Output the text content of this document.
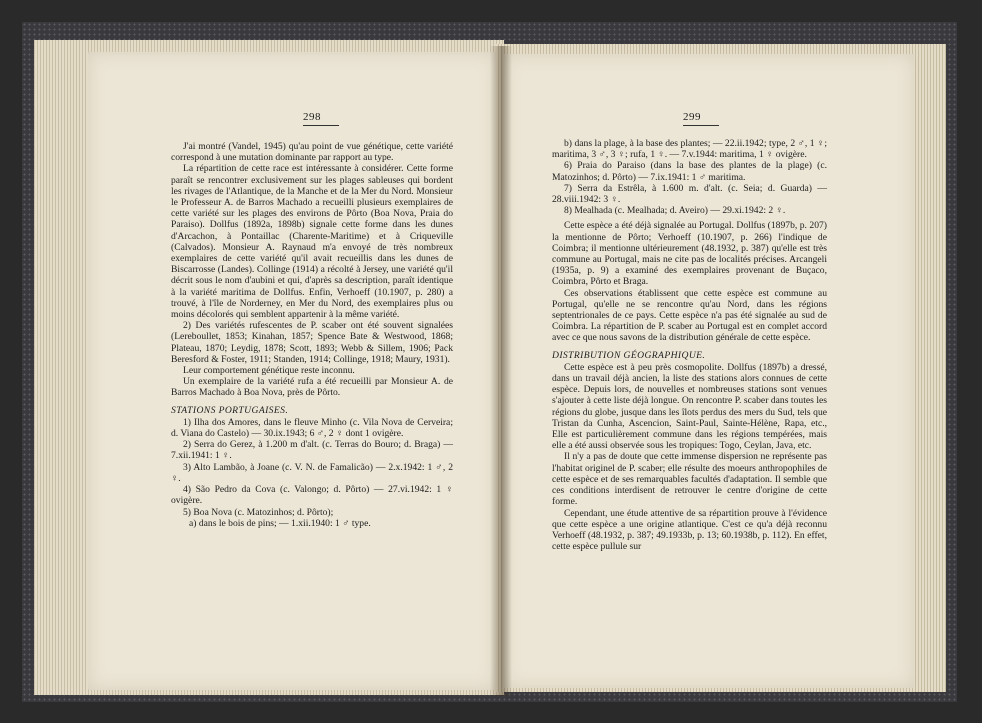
298	299

J'ai montré (Vandel, 1945) qu'au point de vue génétique, cette variété correspond à une mutation dominante par rapport au type.

La répartition de cette race est intéressante à considérer. Cette forme paraît se rencontrer exclusivement sur les plages sableuses qui bordent les rivages de l'Atlantique, de la Manche et de la Mer du Nord. Monsieur le Professeur A. de Barros Machado a recueilli plusieurs exemplaires de cette variété sur les plages des environs de Pôrto (Boa Nova, Praia do Paraiso). Dollfus (1892a, 1898b) signale cette forme dans les dunes d'Arcachon, à Pontaillac (Charente-Maritime) et à Criqueville (Calvados). Monsieur A. Raynaud m'a envoyé de très nombreux exemplaires de cette variété qu'il avait recueillis dans les dunes de Biscarrosse (Landes). Collinge (1914) a récolté à Jersey, une variété qu'il décrit sous le nom d'aubini et qui, d'après sa description, paraît identique à la variété maritima de Dollfus. Enfin, Verhoeff (10.1907, p. 280) a trouvé, à l'île de Norderney, en Mer du Nord, des exemplaires plus ou moins décolorés qui semblent appartenir à la même variété.

2) Des variétés rufescentes de P. scaber ont été souvent signalées (Lereboullet, 1853; Kinahan, 1857; Spence Bate & Westwood, 1868; Plateau, 1870; Leydig, 1878; Scott, 1893; Webb & Sillem, 1906; Pack Beresford & Foster, 1911; Standen, 1914; Collinge, 1918; Maury, 1931).

Leur comportement génétique reste inconnu.

Un exemplaire de la variété rufa a été recueilli par Monsieur A. de Barros Machado à Boa Nova, près de Pôrto.

STATIONS PORTUGAISES.

1) Ilha dos Amores, dans le fleuve Minho (c. Vila Nova de Cerveira; d. Viana do Castelo) — 30.ix.1943; 6 ♂, 2 ♀ dont 1 ovigère.

2) Serra do Gerez, à 1.200 m d'alt. (c. Terras do Bouro; d. Braga) — 7.xii.1941: 1 ♀.

3) Alto Lambão, à Joane (c. V. N. de Famalicão) — 2.x.1942: 1 ♂, 2 ♀.

4) São Pedro da Cova (c. Valongo; d. Pôrto) — 27.vi.1942: 1 ♀ ovigère.

5) Boa Nova (c. Matozinhos; d. Pôrto);

a) dans le bois de pins; — 1.xii.1940: 1 ♂ type.

b) dans la plage, à la base des plantes; — 22.ii.1942; type, 2 ♂, 1 ♀; maritima, 3 ♂, 3 ♀; rufa, 1 ♀. — 7.v.1944: maritima, 1 ♀ ovigère.

6) Praia do Paraiso (dans la base des plantes de la plage) (c. Matozinhos; d. Pôrto) — 7.ix.1941: 1 ♂ maritima.

7) Serra da Estrêla, à 1.600 m. d'alt. (c. Seia; d. Guarda) — 28.viii.1942: 3 ♀.

8) Mealhada (c. Mealhada; d. Aveiro) — 29.xi.1942: 2 ♀.

Cette espèce a été déjà signalée au Portugal. Dollfus (1897b, p. 207) la mentionne de Pôrto; Verhoeff (10.1907, p. 266) l'indique de Coimbra; il mentionne ultérieurement (48.1932, p. 387) qu'elle est très commune au Portugal, mais ne cite pas de localités précises. Arcangeli (1935a, p. 9) a examiné des exemplaires provenant de Buçaco, Coimbra, Pôrto et Braga.

Ces observations établissent que cette espèce est commune au Portugal, qu'elle ne se rencontre qu'au Nord, dans les régions septentrionales de ce pays. Cette espèce n'a pas été signalée au sud de Coimbra. La répartition de P. scaber au Portugal est en complet accord avec ce que nous savons de la distribution générale de cette espèce.

DISTRIBUTION GÉOGRAPHIQUE.

Cette espèce est à peu près cosmopolite. Dollfus (1897b) a dressé, dans un travail déjà ancien, la liste des stations alors connues de cette espèce. Depuis lors, de nouvelles et nombreuses stations sont venues s'ajouter à cette liste déjà longue. On rencontre P. scaber dans toutes les régions du globe, jusque dans les îlots perdus des mers du Sud, tels que Tristan da Cunha, Ascencion, Saint-Paul, Sainte-Hélène, Rapa, etc., Elle est particulièrement commune dans les régions tempérées, mais elle a été aussi observée sous les tropiques: Togo, Ceylan, Java, etc.

Il n'y a pas de doute que cette immense dispersion ne représente pas l'habitat originel de P. scaber; elle résulte des moeurs anthropophiles de cette espèce et de ses remarquables facultés d'adaptation. Il semble que ces conditions interdisent de retrouver le centre d'origine de cette forme.

Cependant, une étude attentive de sa répartition prouve à l'évidence que cette espèce a une origine atlantique. C'est ce qu'a déjà reconnu Verhoeff (48.1932, p. 387; 49.1933b, p. 13; 60.1938b, p. 112). En effet, cette espèce pullule sur
